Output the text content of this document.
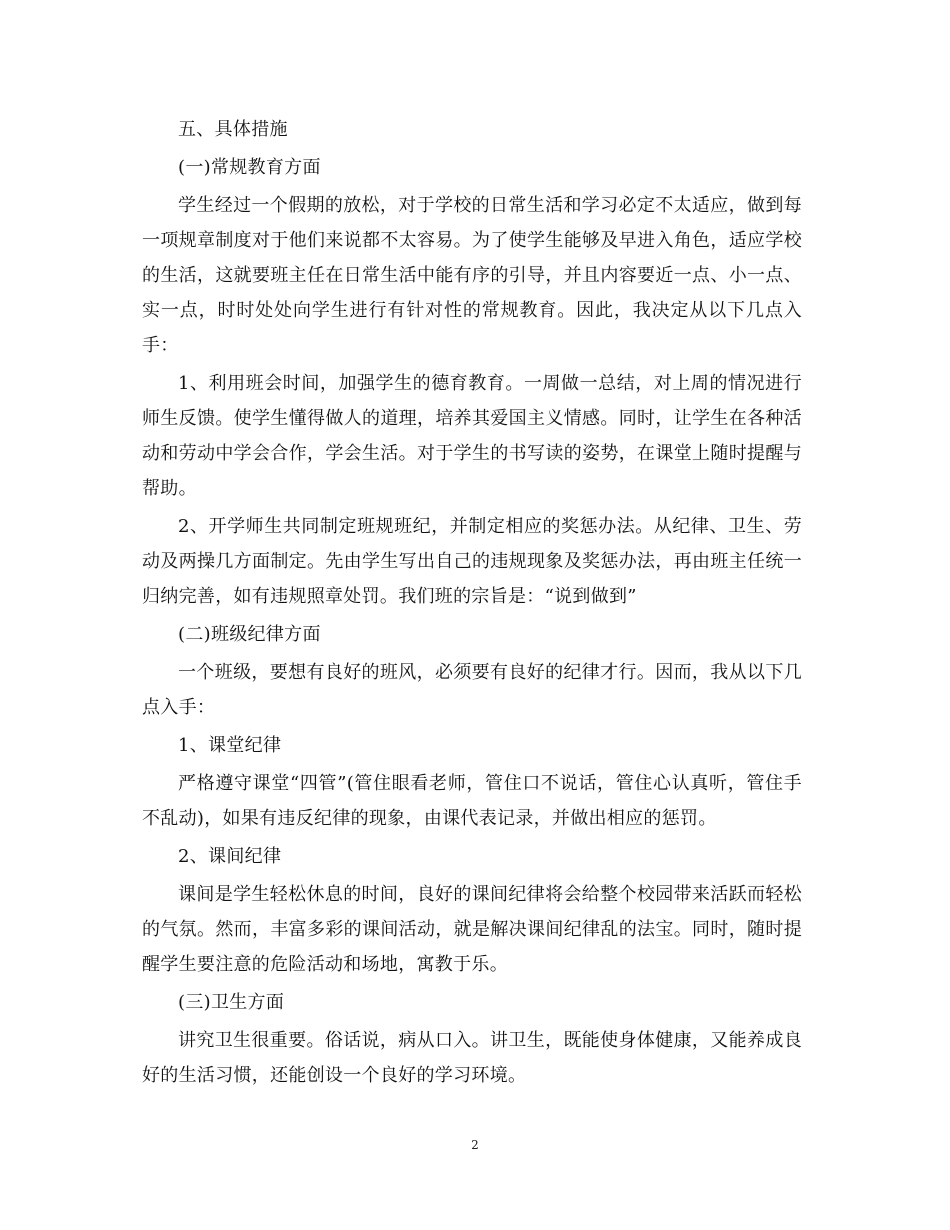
五、具体措施

(一)常规教育方面

学生经过一个假期的放松，对于学校的日常生活和学习必定不太适应，做到每一项规章制度对于他们来说都不太容易。为了使学生能够及早进入角色，适应学校的生活，这就要班主任在日常生活中能有序的引导，并且内容要近一点、小一点、实一点，时时处处向学生进行有针对性的常规教育。因此，我决定从以下几点入手：

1、利用班会时间，加强学生的德育教育。一周做一总结，对上周的情况进行师生反馈。使学生懂得做人的道理，培养其爱国主义情感。同时，让学生在各种活动和劳动中学会合作，学会生活。对于学生的书写读的姿势，在课堂上随时提醒与帮助。

2、开学师生共同制定班规班纪，并制定相应的奖惩办法。从纪律、卫生、劳动及两操几方面制定。先由学生写出自己的违规现象及奖惩办法，再由班主任统一归纳完善，如有违规照章处罚。我们班的宗旨是：“说到做到”

(二)班级纪律方面

一个班级，要想有良好的班风，必须要有良好的纪律才行。因而，我从以下几点入手：

1、课堂纪律

严格遵守课堂“四管”(管住眼看老师，管住口不说话，管住心认真听，管住手不乱动)，如果有违反纪律的现象，由课代表记录，并做出相应的惩罚。

2、课间纪律

课间是学生轻松休息的时间，良好的课间纪律将会给整个校园带来活跃而轻松的气氛。然而，丰富多彩的课间活动，就是解决课间纪律乱的法宝。同时，随时提醒学生要注意的危险活动和场地，寓教于乐。

(三)卫生方面

讲究卫生很重要。俗话说，病从口入。讲卫生，既能使身体健康，又能养成良好的生活习惯，还能创设一个良好的学习环境。

2
